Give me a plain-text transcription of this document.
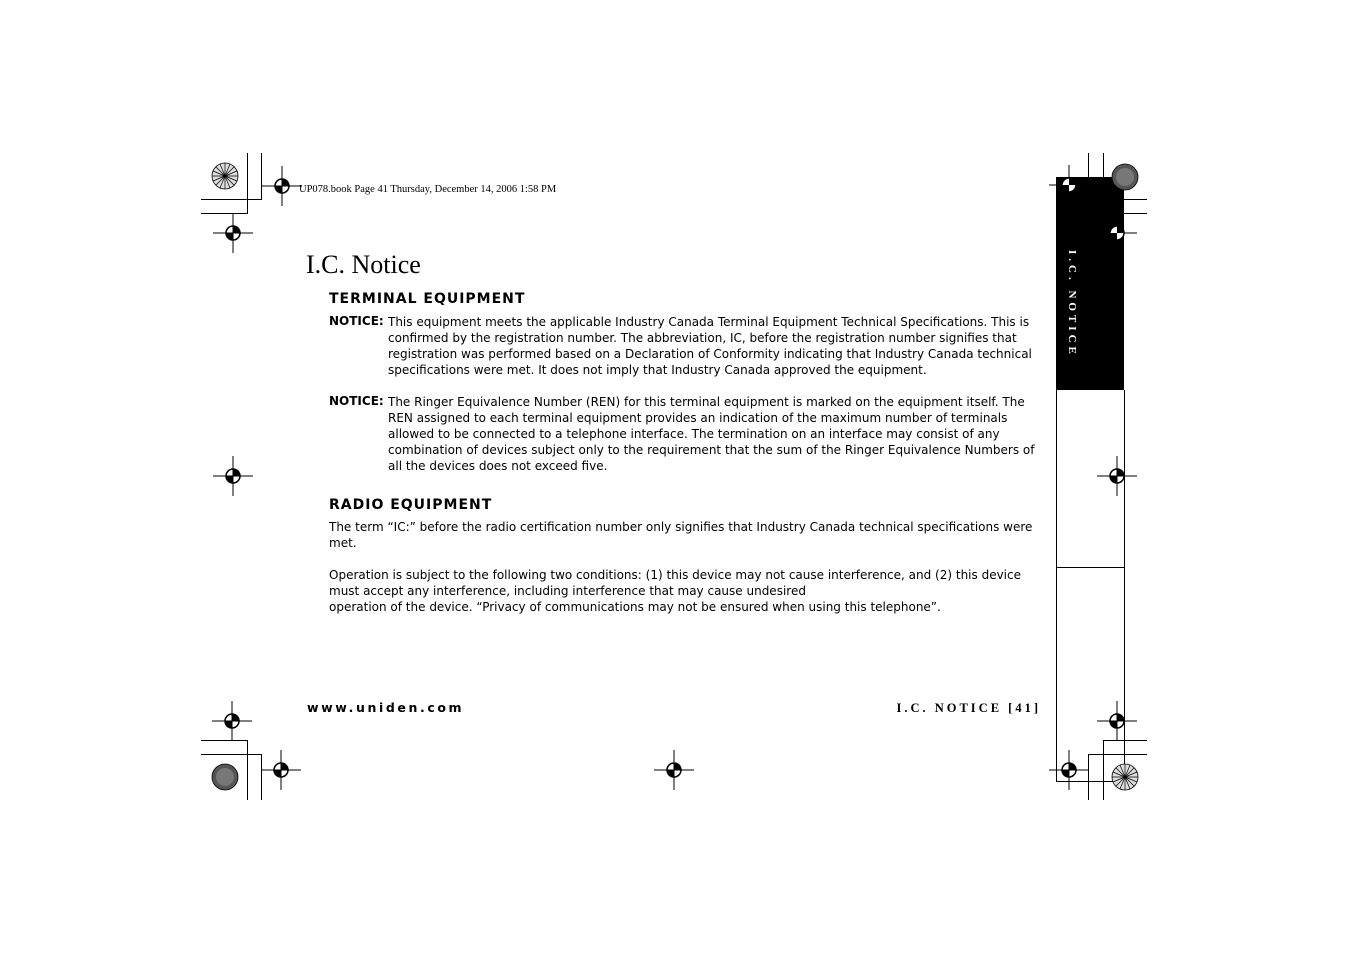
UP078.book Page 41 Thursday, December 14, 2006 1:58 PM
I.C. Notice
TERMINAL EQUIPMENT
NOTICE: This equipment meets the applicable Industry Canada Terminal Equipment Technical Specifications. This is confirmed by the registration number. The abbreviation, IC, before the registration number signifies that registration was performed based on a Declaration of Conformity indicating that Industry Canada technical specifications were met. It does not imply that Industry Canada approved the equipment.
NOTICE: The Ringer Equivalence Number (REN) for this terminal equipment is marked on the equipment itself. The REN assigned to each terminal equipment provides an indication of the maximum number of terminals allowed to be connected to a telephone interface. The termination on an interface may consist of any combination of devices subject only to the requirement that the sum of the Ringer Equivalence Numbers of all the devices does not exceed five.
RADIO EQUIPMENT
The term “IC:” before the radio certification number only signifies that Industry Canada technical specifications were met.
Operation is subject to the following two conditions: (1) this device may not cause interference, and (2) this device must accept any interference, including interference that may cause undesired
operation of the device. “Privacy of communications may not be ensured when using this telephone”.
www.uniden.com	I.C. NOTICE [41]
I.C. NOTICE
